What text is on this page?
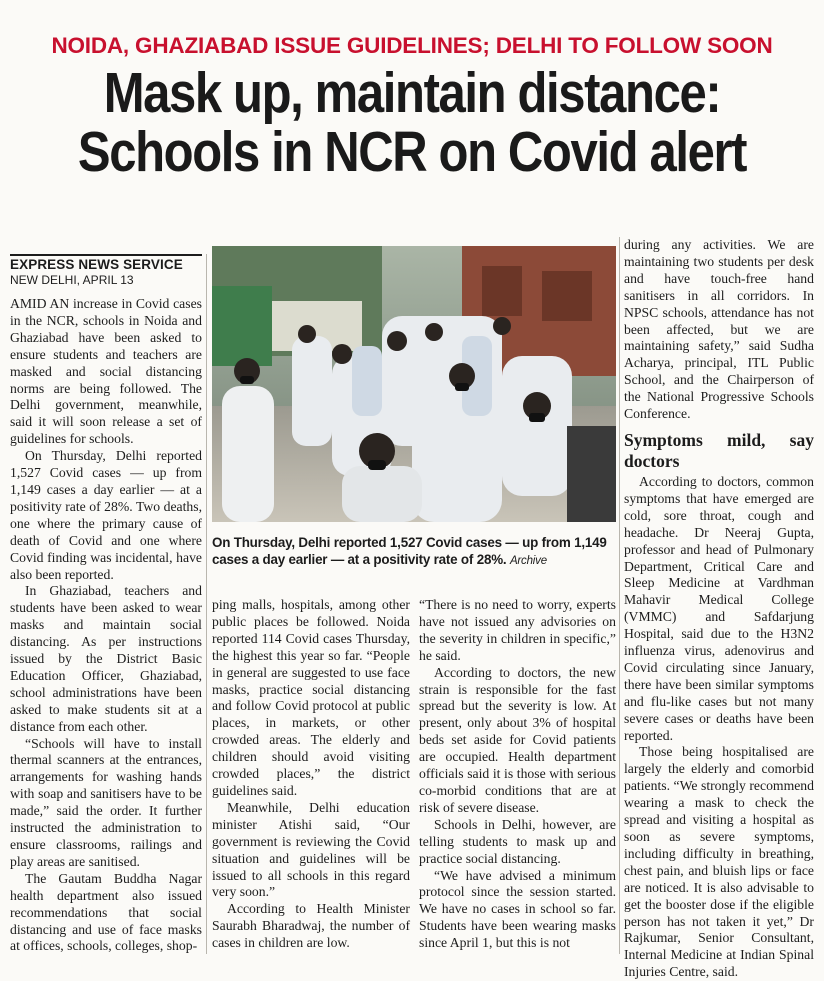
NOIDA, GHAZIABAD ISSUE GUIDELINES; DELHI TO FOLLOW SOON
Mask up, maintain distance:
Schools in NCR on Covid alert
EXPRESS NEWS SERVICE
NEW DELHI, APRIL 13

AMID AN increase in Covid cases in the NCR, schools in Noida and Ghaziabad have been asked to ensure students and teachers are masked and social distancing norms are being followed. The Delhi government, meanwhile, said it will soon release a set of guidelines for schools.

On Thursday, Delhi reported 1,527 Covid cases — up from 1,149 cases a day earlier — at a positivity rate of 28%. Two deaths, one where the primary cause of death of Covid and one where Covid finding was incidental, have also been reported.

In Ghaziabad, teachers and students have been asked to wear masks and maintain social distancing. As per instructions issued by the District Basic Education Officer, Ghaziabad, school administrations have been asked to make students sit at a distance from each other.

“Schools will have to install thermal scanners at the entrances, arrangements for washing hands with soap and sanitisers have to be made,” said the order. It further instructed the administration to ensure classrooms, railings and play areas are sanitised.

The Gautam Buddha Nagar health department also issued recommendations that social distancing and use of face masks at offices, schools, colleges, shop-

On Thursday, Delhi reported 1,527 Covid cases — up from 1,149 cases a day earlier — at a positivity rate of 28%. Archive

ping malls, hospitals, among other public places be followed. Noida reported 114 Covid cases Thursday, the highest this year so far. “People in general are suggested to use face masks, practice social distancing and follow Covid protocol at public places, in markets, or other crowded areas. The elderly and children should avoid visiting crowded places,” the district guidelines said.

Meanwhile, Delhi education minister Atishi said, “Our government is reviewing the Covid situation and guidelines will be issued to all schools in this regard very soon.”

According to Health Minister Saurabh Bharadwaj, the number of cases in children are low.

“There is no need to worry, experts have not issued any advisories on the severity in children in specific,” he said.

According to doctors, the new strain is responsible for the fast spread but the severity is low. At present, only about 3% of hospital beds set aside for Covid patients are occupied. Health department officials said it is those with serious co-morbid conditions that are at risk of severe disease.

Schools in Delhi, however, are telling students to mask up and practice social distancing.

“We have advised a minimum protocol since the session started. We have no cases in school so far. Students have been wearing masks since April 1, but this is not

during any activities. We are maintaining two students per desk and have touch-free hand sanitisers in all corridors. In NPSC schools, attendance has not been affected, but we are maintaining safety,” said Sudha Acharya, principal, ITL Public School, and the Chairperson of the National Progressive Schools Conference.

Symptoms mild, say doctors

According to doctors, common symptoms that have emerged are cold, sore throat, cough and headache. Dr Neeraj Gupta, professor and head of Pulmonary Department, Critical Care and Sleep Medicine at Vardhman Mahavir Medical College (VMMC) and Safdarjung Hospital, said due to the H3N2 influenza virus, adenovirus and Covid circulating since January, there have been similar symptoms and flu-like cases but not many severe cases or deaths have been reported.

Those being hospitalised are largely the elderly and comorbid patients. “We strongly recommend wearing a mask to check the spread and visiting a hospital as soon as severe symptoms, including difficulty in breathing, chest pain, and bluish lips or face are noticed. It is also advisable to get the booster dose if the eligible person has not taken it yet,” Dr Rajkumar, Senior Consultant, Internal Medicine at Indian Spinal Injuries Centre, said.
